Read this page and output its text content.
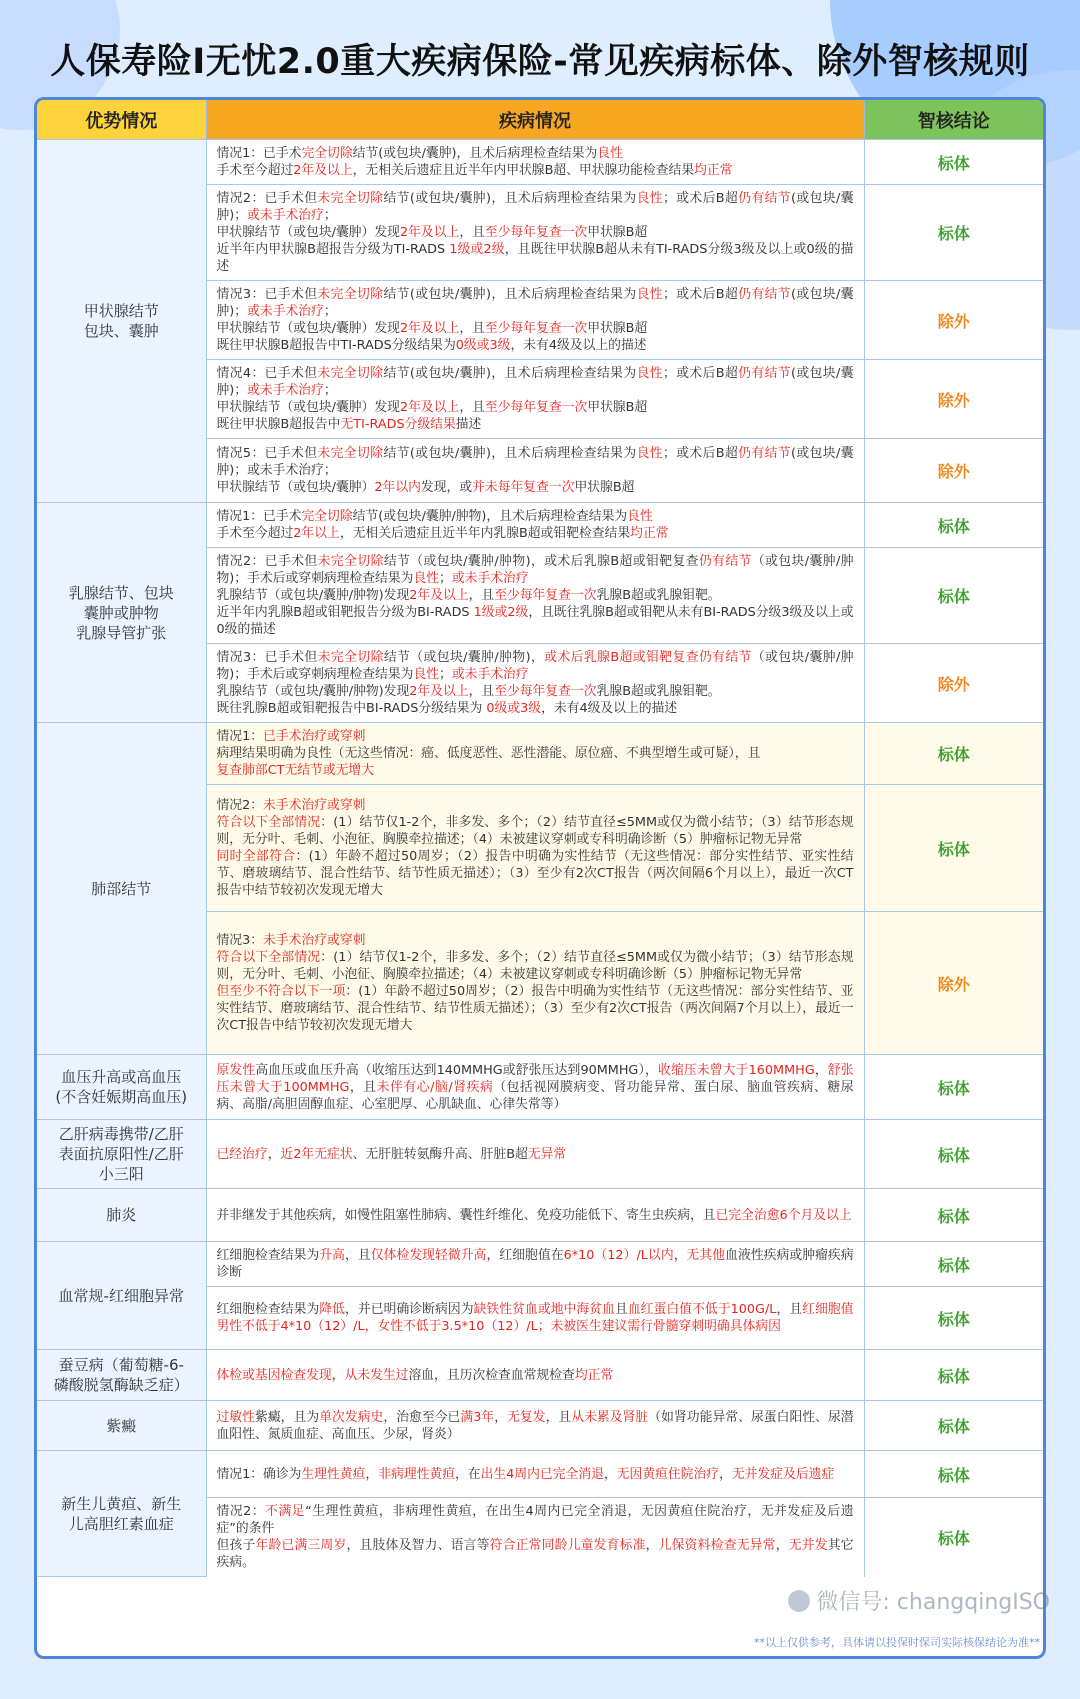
人保寿险I无忧2.0重大疾病保险-常见疾病标体、除外智核规则
优势情况	疾病情况	智核结论
甲状腺结节
包块、囊肿	情况1：已手术完全切除结节(或包块/囊肿)，且术后病理检查结果为良性
手术至今超过2年及以上，无相关后遗症且近半年内甲状腺B超、甲状腺功能检查结果均正常	标体

	情况2：已手术但未完全切除结节(或包块/囊肿)，且术后病理检查结果为良性；或术后B超仍有结节(或包块/囊肿)；或未手术治疗；
甲状腺结节（或包块/囊肿）发现2年及以上，且至少每年复查一次甲状腺B超
近半年内甲状腺B超报告分级为TI-RADS 1级或2级，且既往甲状腺B超从未有TI-RADS分级3级及以上或0级的描述	标体

	情况3：已手术但未完全切除结节(或包块/囊肿)，且术后病理检查结果为良性；或术后B超仍有结节(或包块/囊肿)；或未手术治疗；
甲状腺结节（或包块/囊肿）发现2年及以上，且至少每年复查一次甲状腺B超
既往甲状腺B超报告中TI-RADS分级结果为0级或3级，未有4级及以上的描述	除外

	情况4：已手术但未完全切除结节(或包块/囊肿)，且术后病理检查结果为良性；或术后B超仍有结节(或包块/囊肿)；或未手术治疗；
甲状腺结节（或包块/囊肿）发现2年及以上，且至少每年复查一次甲状腺B超
既往甲状腺B超报告中无TI-RADS分级结果描述	除外

	情况5：已手术但未完全切除结节(或包块/囊肿)，且术后病理检查结果为良性；或术后B超仍有结节(或包块/囊肿)；或未手术治疗；
甲状腺结节（或包块/囊肿）2年以内发现，或并未每年复查一次甲状腺B超	除外
乳腺结节、包块
囊肿或肿物
乳腺导管扩张	情况1：已手术完全切除结节(或包块/囊肿/肿物)，且术后病理检查结果为良性
手术至今超过2年以上，无相关后遗症且近半年内乳腺B超或钼靶检查结果均正常	标体

	情况2：已手术但未完全切除结节（或包块/囊肿/肿物)，或术后乳腺B超或钼靶复查仍有结节（或包块/囊肿/肿物)；手术后或穿刺病理检查结果为良性；或未手术治疗
乳腺结节（或包块/囊肿/肿物)发现2年及以上，且至少每年复查一次乳腺B超或乳腺钼靶。
近半年内乳腺B超或钼靶报告分级为BI-RADS 1级或2级，且既往乳腺B超或钼靶从未有BI-RADS分级3级及以上或0级的描述	标体

	情况3：已手术但未完全切除结节（或包块/囊肿/肿物)，或术后乳腺B超或钼靶复查仍有结节（或包块/囊肿/肿物)；手术后或穿刺病理检查结果为良性；或未手术治疗
乳腺结节（或包块/囊肿/肿物)发现2年及以上，且至少每年复查一次乳腺B超或乳腺钼靶。
既往乳腺B超或钼靶报告中BI-RADS分级结果为 0级或3级，未有4级及以上的描述	除外
肺部结节	情况1：已手术治疗或穿刺
病理结果明确为良性（无这些情况：癌、低度恶性、恶性潜能、原位癌、不典型增生或可疑），且
复查肺部CT无结节或无增大	标体

	情况2：未手术治疗或穿刺
符合以下全部情况：(1）结节仅1-2个，非多发、多个；（2）结节直径≤5MM或仅为微小结节；（3）结节形态规则，无分叶、毛刺、小泡征、胸膜牵拉描述；（4）未被建议穿刺或专科明确诊断（5）肿瘤标记物无异常
同时全部符合：(1）年龄不超过50周岁；（2）报告中明确为实性结节（无这些情况：部分实性结节、亚实性结节、磨玻璃结节、混合性结节、结节性质无描述）；（3）至少有2次CT报告（两次间隔6个月以上），最近一次CT报告中结节较初次发现无增大	标体

	情况3：未手术治疗或穿刺
符合以下全部情况：(1）结节仅1-2个，非多发、多个；（2）结节直径≤5MM或仅为微小结节；（3）结节形态规则，无分叶、毛刺、小泡征、胸膜牵拉描述；（4）未被建议穿刺或专科明确诊断（5）肿瘤标记物无异常
但至少不符合以下一项：(1）年龄不超过50周岁；（2）报告中明确为实性结节（无这些情况：部分实性结节、亚实性结节、磨玻璃结节、混合性结节、结节性质无描述）；（3）至少有2次CT报告（两次间隔7个月以上），最近一次CT报告中结节较初次发现无增大	除外
血压升高或高血压
(不含妊娠期高血压)	原发性高血压或血压升高（收缩压达到140MMHG或舒张压达到90MMHG），收缩压未曾大于160MMHG，舒张压未曾大于100MMHG，且未伴有心/脑/肾疾病（包括视网膜病变、肾功能异常、蛋白尿、脑血管疾病、糖尿病、高脂/高胆固醇血症、心室肥厚、心肌缺血、心律失常等）	标体
乙肝病毒携带/乙肝
表面抗原阳性/乙肝
小三阳	已经治疗，近2年无症状、无肝脏转氨酶升高、肝脏B超无异常	标体
肺炎	并非继发于其他疾病，如慢性阻塞性肺病、囊性纤维化、免疫功能低下、寄生虫疾病，且已完全治愈6个月及以上	标体
血常规-红细胞异常	红细胞检查结果为升高，且仅体检发现轻微升高，红细胞值在6*10（12）/L以内，无其他血液性疾病或肿瘤疾病诊断	标体

	红细胞检查结果为降低，并已明确诊断病因为缺铁性贫血或地中海贫血且血红蛋白值不低于100G/L，且红细胞值男性不低于4*10（12）/L，女性不低于3.5*10（12）/L；未被医生建议需行骨髓穿刺明确具体病因	标体
蚕豆病（葡萄糖-6-
磷酸脱氢酶缺乏症）	体检或基因检查发现，从未发生过溶血，且历次检查血常规检查均正常	标体
紫癜	过敏性紫癜，且为单次发病史，治愈至今已满3年，无复发，且从未累及肾脏（如肾功能异常、尿蛋白阳性、尿潜血阳性、氮质血症、高血压、少尿，肾炎）	标体
新生儿黄疸、新生
儿高胆红素血症	情况1：确诊为生理性黄疸，非病理性黄疸，在出生4周内已完全消退，无因黄疸住院治疗，无并发症及后遗症	标体

	情况2：不满足“生理性黄疸，非病理性黄疸，在出生4周内已完全消退，无因黄疸住院治疗，无并发症及后遗症”的条件
但孩子年龄已满三周岁，且肢体及智力、语言等符合正常同龄儿童发育标准，儿保资料检查无异常，无并发其它疾病。	标体
微信号: changqingISO
**以上仅供参考，具体请以投保时保司实际核保结论为准**
